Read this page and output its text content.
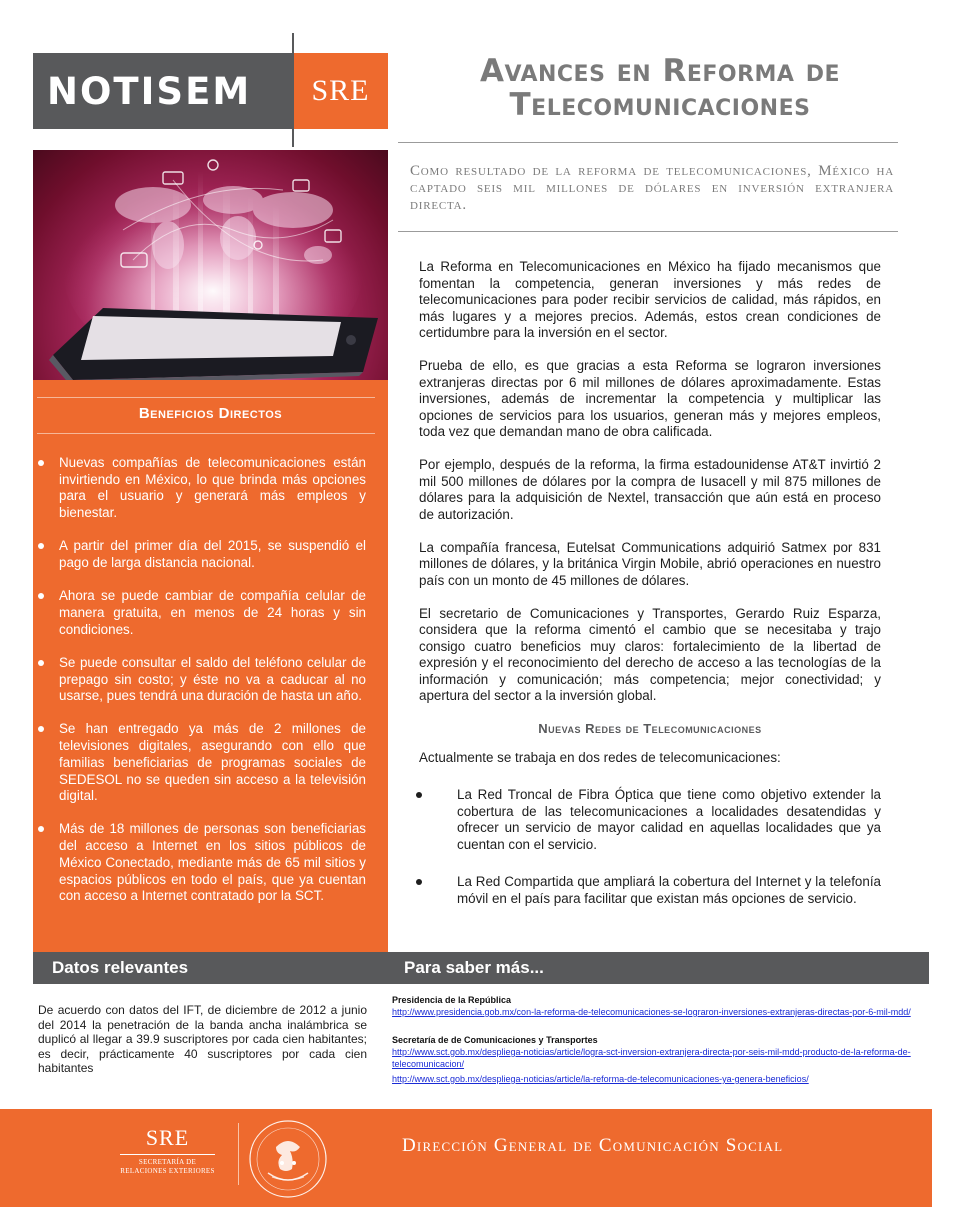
NOTISEM SRE
Avances en Reforma de
Telecomunicaciones
Como resultado de la reforma de telecomunicaciones, México ha captado seis mil millones de dólares en inversión extranjera directa.
Beneficios Directos
Nuevas compañías de telecomunicaciones están invirtiendo en México, lo que brinda más opciones para el usuario y generará más empleos y bienestar.
A partir del primer día del 2015, se suspendió el pago de larga distancia nacional.
Ahora se puede cambiar de compañía celular de manera gratuita, en menos de 24 horas y sin condiciones.
Se puede consultar el saldo del teléfono celular de prepago sin costo; y éste no va a caducar al no usarse, pues tendrá una duración de hasta un año.
Se han entregado ya más de 2 millones de televisiones digitales, asegurando con ello que familias beneficiarias de programas sociales de SEDESOL no se queden sin acceso a la televisión digital.
Más de 18 millones de personas son beneficiarias del acceso a Internet en los sitios públicos de México Conectado, mediante más de 65 mil sitios y espacios públicos en todo el país, que ya cuentan con acceso a Internet contratado por la SCT.

La Reforma en Telecomunicaciones en México ha fijado mecanismos que fomentan la competencia, generan inversiones y más redes de telecomunicaciones para poder recibir servicios de calidad, más rápidos, en más lugares y a mejores precios. Además, estos crean condiciones de certidumbre para la inversión en el sector.

Prueba de ello, es que gracias a esta Reforma se lograron inversiones extranjeras directas por 6 mil millones de dólares aproximadamente. Estas inversiones, además de incrementar la competencia y multiplicar las opciones de servicios para los usuarios, generan más y mejores empleos, toda vez que demandan mano de obra calificada.

Por ejemplo, después de la reforma, la firma estadounidense AT&T invirtió 2 mil 500 millones de dólares por la compra de Iusacell y mil 875 millones de dólares para la adquisición de Nextel, transacción que aún está en proceso de autorización.

La compañía francesa, Eutelsat Communications adquirió Satmex por 831 millones de dólares, y la británica Virgin Mobile, abrió operaciones en nuestro país con un monto de 45 millones de dólares.

El secretario de Comunicaciones y Transportes, Gerardo Ruiz Esparza, considera que la reforma cimentó el cambio que se necesitaba y trajo consigo cuatro beneficios muy claros: fortalecimiento de la libertad de expresión y el reconocimiento del derecho de acceso a las tecnologías de la información y comunicación; más competencia; mejor conectividad; y apertura del sector a la inversión global.

Nuevas Redes de Telecomunicaciones

Actualmente se trabaja en dos redes de telecomunicaciones:

La Red Troncal de Fibra Óptica que tiene como objetivo extender la cobertura de las telecomunicaciones a localidades desatendidas y ofrecer un servicio de mayor calidad en aquellas localidades que ya cuentan con el servicio.
La Red Compartida que ampliará la cobertura del Internet y la telefonía móvil en el país para facilitar que existan más opciones de servicio.
Datos relevantes	Para saber más...
De acuerdo con datos del IFT, de diciembre de 2012 a junio del 2014 la penetración de la banda ancha inalámbrica se duplicó al llegar a 39.9 suscriptores por cada cien habitantes; es decir, prácticamente 40 suscriptores por cada cien habitantes
Presidencia de la República
http://www.presidencia.gob.mx/con-la-reforma-de-telecomunicaciones-se-lograron-inversiones-extranjeras-directas-por-6-mil-mdd/
Secretaría de de Comunicaciones y Transportes
http://www.sct.gob.mx/despliega-noticias/article/logra-sct-inversion-extranjera-directa-por-seis-mil-mdd-producto-de-la-reforma-de-telecomunicacion/
http://www.sct.gob.mx/despliega-noticias/article/la-reforma-de-telecomunicaciones-ya-genera-beneficios/
SRE
SECRETARÍA DE
RELACIONES EXTERIORES
Dirección General de Comunicación Social
